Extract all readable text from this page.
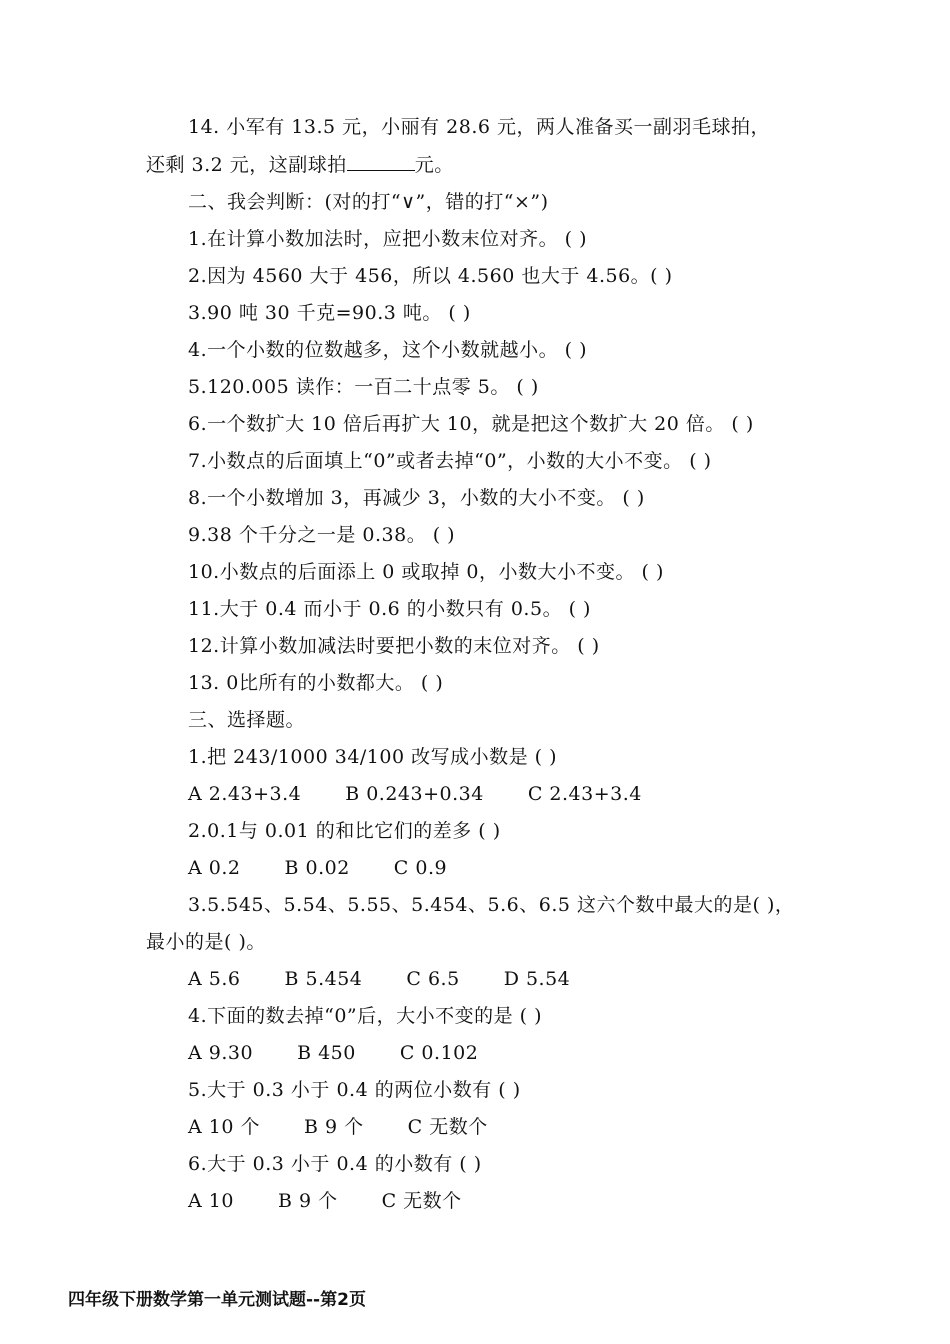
14. 小军有 13.5 元，小丽有 28.6 元，两人准备买一副羽毛球拍，
还剩 3.2 元，这副球拍	元。
二、我会判断：(对的打“∨”，错的打“×”)
1.在计算小数加法时，应把小数末位对齐。 ( )
2.因为 4560 大于 456，所以 4.560 也大于 4.56。( )
3.90 吨 30 千克=90.3 吨。 ( )
4.一个小数的位数越多，这个小数就越小。 ( )
5.120.005 读作：一百二十点零 5。 ( )
6.一个数扩大 10 倍后再扩大 10，就是把这个数扩大 20 倍。 ( )
7.小数点的后面填上“0”或者去掉“0”，小数的大小不变。 ( )
8.一个小数增加 3，再减少 3，小数的大小不变。 ( )
9.38 个千分之一是 0.38。 ( )
10.小数点的后面添上 0 或取掉 0，小数大小不变。 ( )
11.大于 0.4 而小于 0.6 的小数只有 0.5。 ( )
12.计算小数加减法时要把小数的末位对齐。 ( )
13. 0比所有的小数都大。 ( )
三、选择题。
1.把 243/1000 34/100 改写成小数是 ( )
A 2.43+3.4 B 0.243+0.34 C 2.43+3.4
2.0.1与 0.01 的和比它们的差多 ( )
A 0.2 B 0.02 C 0.9
3.5.545、5.54、5.55、5.454、5.6、6.5 这六个数中最大的是( )，
最小的是( )。
A 5.6 B 5.454 C 6.5 D 5.54
4.下面的数去掉“0”后，大小不变的是 ( )
A 9.30 B 450 C 0.102
5.大于 0.3 小于 0.4 的两位小数有 ( )
A 10 个 B 9 个 C 无数个
6.大于 0.3 小于 0.4 的小数有 ( )
A 10 B 9 个 C 无数个
四年级下册数学第一单元测试题--第2页
